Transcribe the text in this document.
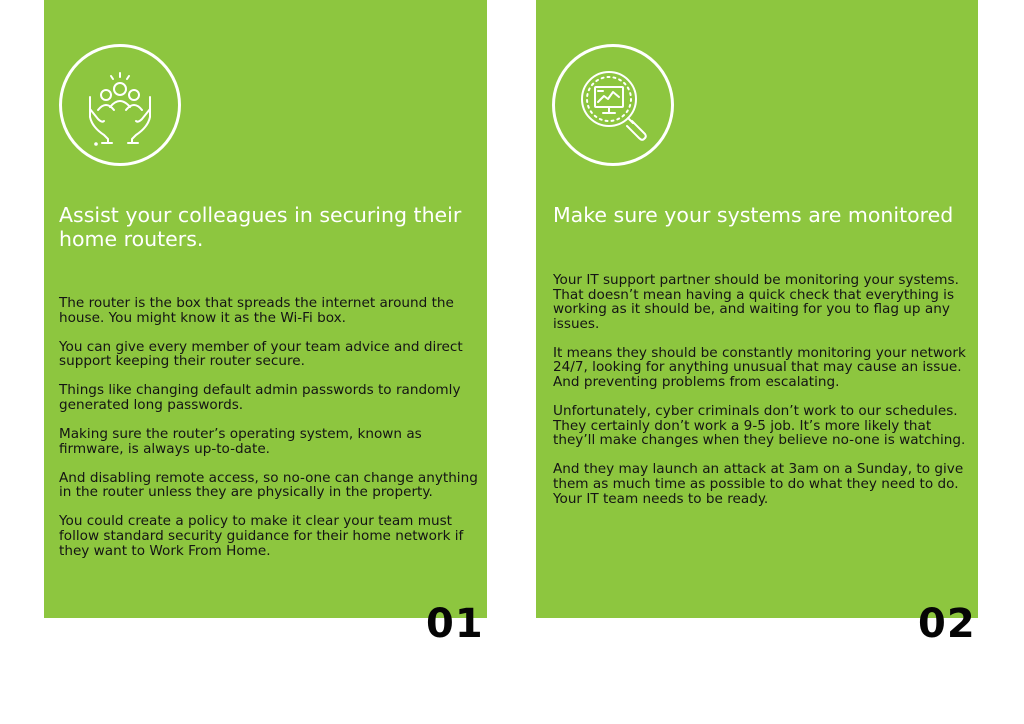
Assist your colleagues in securing their home routers.

The router is the box that spreads the internet around the house. You might know it as the Wi-Fi box.

You can give every member of your team advice and direct support keeping their router secure.

Things like changing default admin passwords to randomly generated long passwords.

Making sure the router’s operating system, known as firmware, is always up-to-date.

And disabling remote access, so no-one can change anything in the router unless they are physically in the property.

You could create a policy to make it clear your team must follow standard security guidance for their home network if they want to Work From Home.

01
Make sure your systems are monitored

Your IT support partner should be monitoring your systems. That doesn’t mean having a quick check that everything is working as it should be, and waiting for you to flag up any issues.

It means they should be constantly monitoring your network 24/7, looking for anything unusual that may cause an issue. And preventing problems from escalating.

Unfortunately, cyber criminals don’t work to our schedules. They certainly don’t work a 9-5 job. It’s more likely that they’ll make changes when they believe no-one is watching.

And they may launch an attack at 3am on a Sunday, to give them as much time as possible to do what they need to do. Your IT team needs to be ready.

02
